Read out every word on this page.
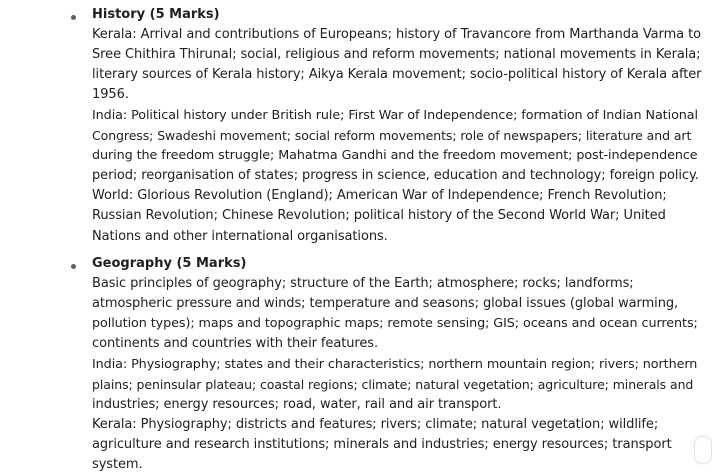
History (5 Marks)

Kerala: Arrival and contributions of Europeans; history of Travancore from Marthanda Varma to
Sree Chithira Thirunal; social, religious and reform movements; national movements in Kerala;
literary sources of Kerala history; Aikya Kerala movement; socio-political history of Kerala after
1956.

India: Political history under British rule; First War of Independence; formation of Indian National
Congress; Swadeshi movement; social reform movements; role of newspapers; literature and art
during the freedom struggle; Mahatma Gandhi and the freedom movement; post-independence
period; reorganisation of states; progress in science, education and technology; foreign policy.

World: Glorious Revolution (England); American War of Independence; French Revolution;
Russian Revolution; Chinese Revolution; political history of the Second World War; United
Nations and other international organisations.

Geography (5 Marks)

Basic principles of geography; structure of the Earth; atmosphere; rocks; landforms;
atmospheric pressure and winds; temperature and seasons; global issues (global warming,
pollution types); maps and topographic maps; remote sensing; GIS; oceans and ocean currents;
continents and countries with their features.

India: Physiography; states and their characteristics; northern mountain region; rivers; northern
plains; peninsular plateau; coastal regions; climate; natural vegetation; agriculture; minerals and
industries; energy resources; road, water, rail and air transport.

Kerala: Physiography; districts and features; rivers; climate; natural vegetation; wildlife;
agriculture and research institutions; minerals and industries; energy resources; transport
system.
